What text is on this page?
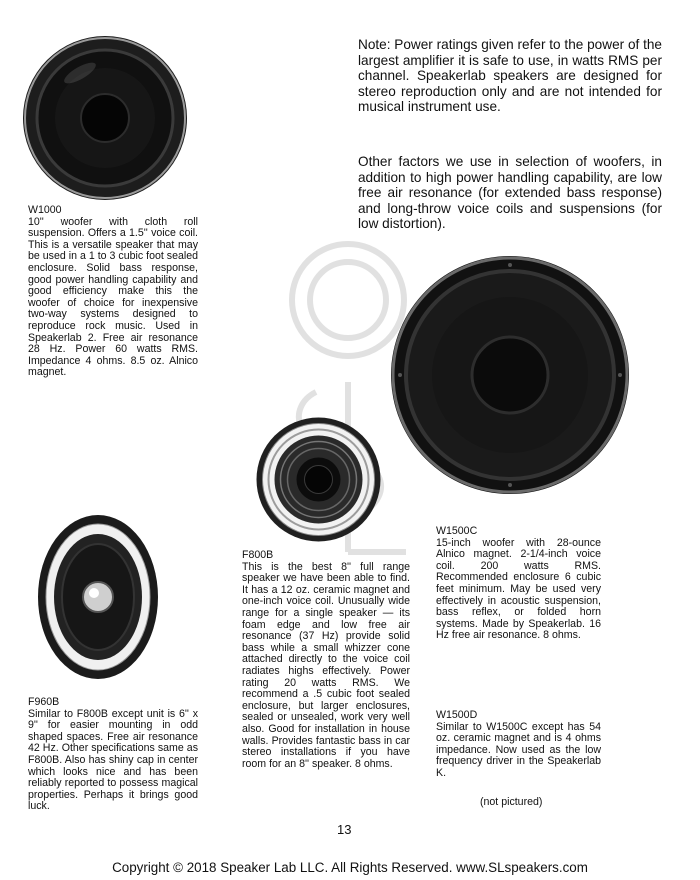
Note: Power ratings given refer to the power of the largest amplifier it is safe to use, in watts RMS per channel. Speakerlab speakers are designed for stereo reproduction only and are not intended for musical instrument use.
Other factors we use in selection of woofers, in addition to high power handling capability, are low free air resonance (for extended bass response) and long-throw voice coils and suspensions (for low distortion).
W1000
10'' woofer with cloth roll suspension. Offers a 1.5'' voice coil. This is a versatile speaker that may be used in a 1 to 3 cubic foot sealed enclosure. Solid bass response, good power handling capability and good efficiency make this the woofer of choice for inexpensive two-way systems designed to reproduce rock music. Used in Speakerlab 2. Free air resonance 28 Hz. Power 60 watts RMS. Impedance 4 ohms. 8.5 oz. Alnico magnet.
F800B
This is the best 8'' full range speaker we have been able to find. It has a 12 oz. ceramic magnet and one-inch voice coil. Unusually wide range for a single speaker — its foam edge and low free air resonance (37 Hz) provide solid bass while a small whizzer cone attached directly to the voice coil radiates highs effectively. Power rating 20 watts RMS. We recommend a .5 cubic foot sealed enclosure, but larger enclosures, sealed or unsealed, work very well also. Good for installation in house walls. Provides fantastic bass in car stereo installations if you have room for an 8'' speaker. 8 ohms.
F960B
Similar to F800B except unit is 6'' x 9'' for easier mounting in odd shaped spaces. Free air resonance 42 Hz. Other specifications same as F800B. Also has shiny cap in center which looks nice and has been reliably reported to possess magical properties. Perhaps it brings good luck.
W1500C
15-inch woofer with 28-ounce Alnico magnet. 2-1/4-inch voice coil. 200 watts RMS. Recommended enclosure 6 cubic feet minimum. May be used very effectively in acoustic suspension, bass reflex, or folded horn systems. Made by Speakerlab. 16 Hz free air resonance. 8 ohms.
W1500D
Similar to W1500C except has 54 oz. ceramic magnet and is 4 ohms impedance. Now used as the low frequency driver in the Speakerlab K.
(not pictured)
13
Copyright © 2018 Speaker Lab LLC. All Rights Reserved. www.SLspeakers.com
